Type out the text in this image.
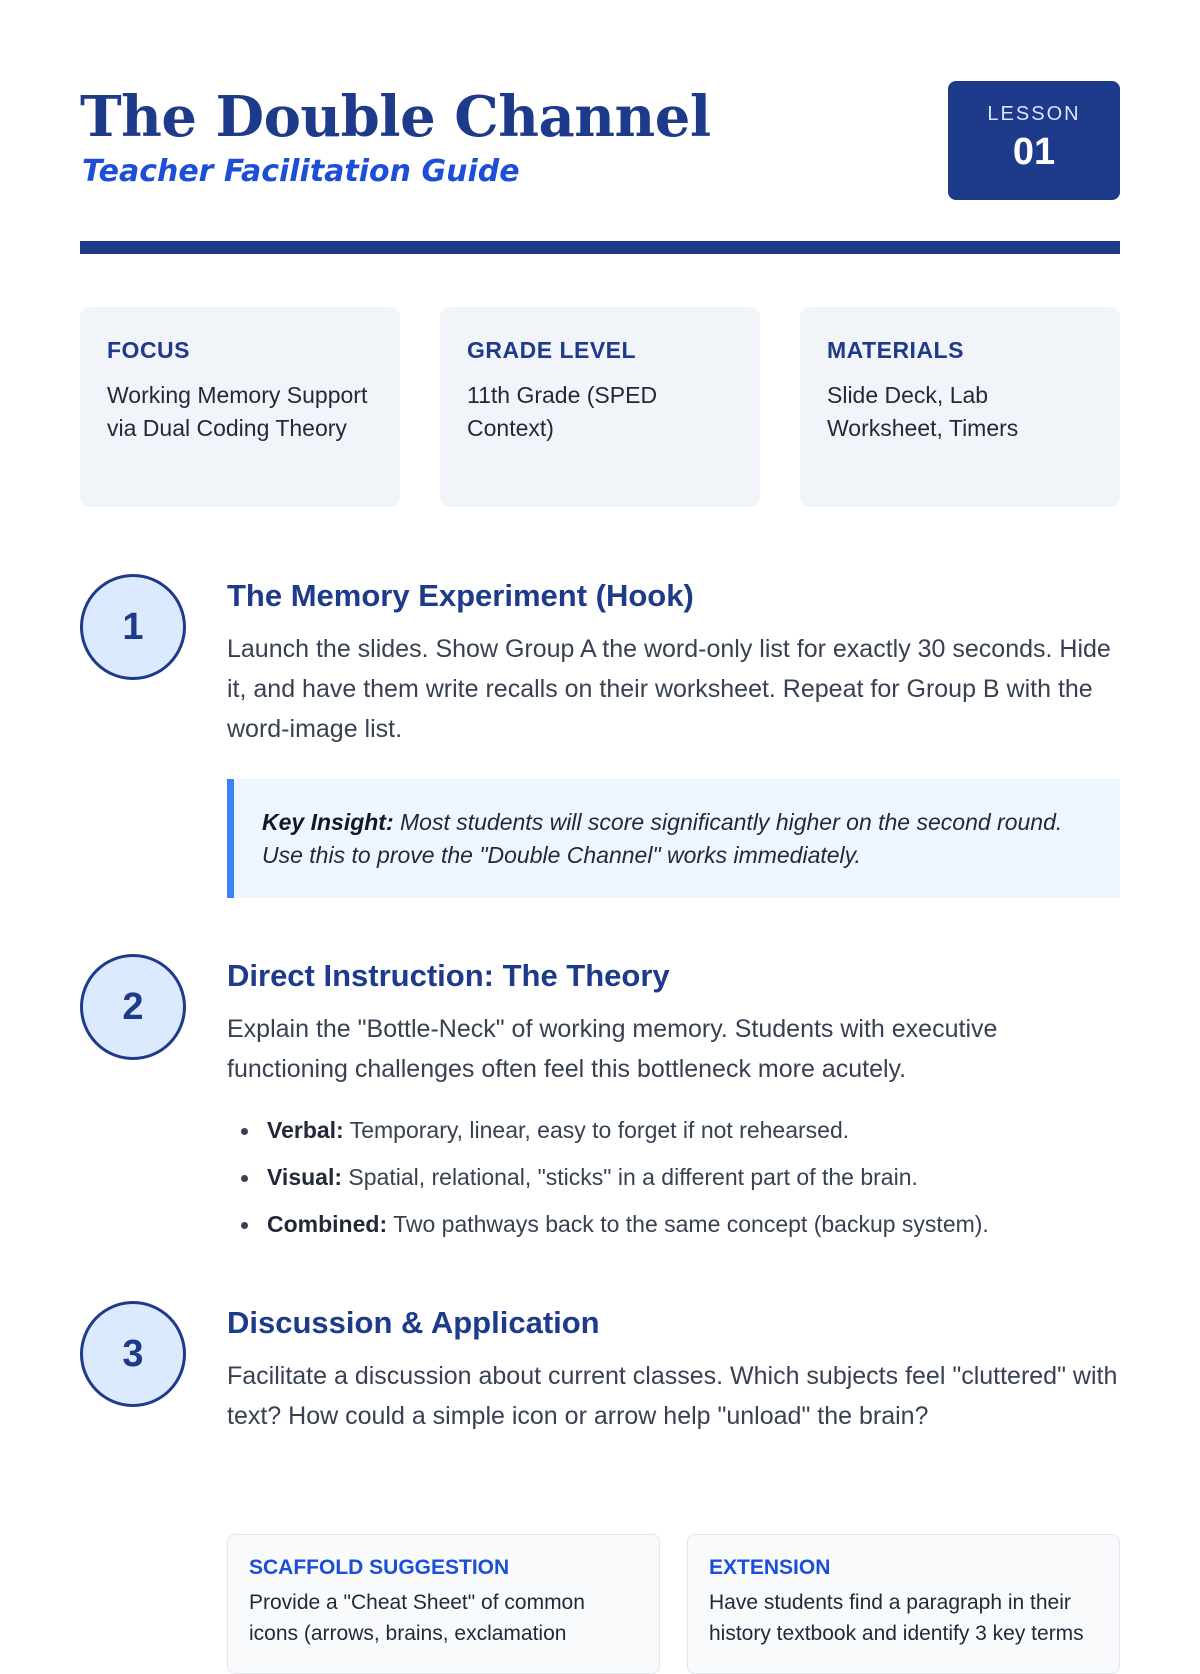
The Double Channel
Teacher Facilitation Guide
LESSON
01
FOCUS
Working Memory Support via Dual Coding Theory
GRADE LEVEL
11th Grade (SPED Context)
MATERIALS
Slide Deck, Lab Worksheet, Timers
1
The Memory Experiment (Hook)

Launch the slides. Show Group A the word-only list for exactly 30 seconds. Hide it, and have them write recalls on their worksheet. Repeat for Group B with the word-image list.

Key Insight: Most students will score significantly higher on the second round. Use this to prove the "Double Channel" works immediately.
2
Direct Instruction: The Theory

Explain the "Bottle-Neck" of working memory. Students with executive functioning challenges often feel this bottleneck more acutely.

Verbal: Temporary, linear, easy to forget if not rehearsed.
Visual: Spatial, relational, "sticks" in a different part of the brain.
Combined: Two pathways back to the same concept (backup system).
3
Discussion & Application

Facilitate a discussion about current classes. Which subjects feel "cluttered" with text? How could a simple icon or arrow help "unload" the brain?

SCAFFOLD SUGGESTION
Provide a "Cheat Sheet" of common icons (arrows, brains, exclamation
EXTENSION
Have students find a paragraph in their history textbook and identify 3 key terms
